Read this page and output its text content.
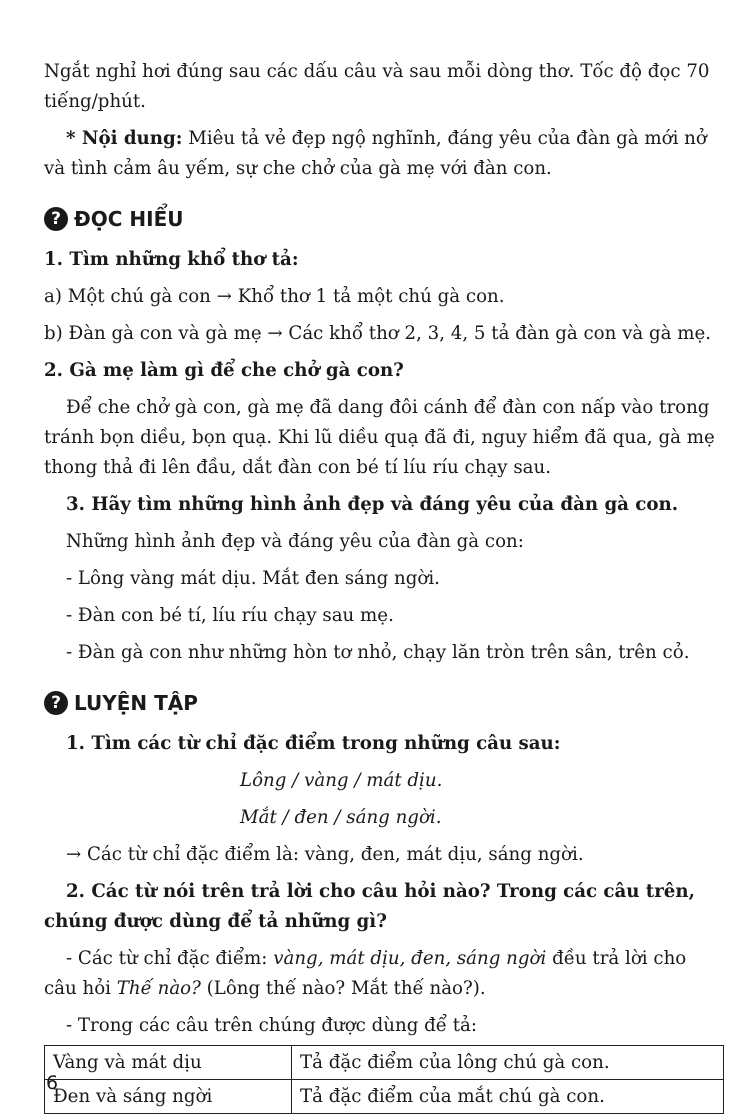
Ngắt nghỉ hơi đúng sau các dấu câu và sau mỗi dòng thơ. Tốc độ đọc 70 tiếng/phút.

* Nội dung: Miêu tả vẻ đẹp ngộ nghĩnh, đáng yêu của đàn gà mới nở và tình cảm âu yếm, sự che chở của gà mẹ với đàn con.

? ĐỌC HIỂU

1. Tìm những khổ thơ tả:

a) Một chú gà con → Khổ thơ 1 tả một chú gà con.

b) Đàn gà con và gà mẹ → Các khổ thơ 2, 3, 4, 5 tả đàn gà con và gà mẹ.

2. Gà mẹ làm gì để che chở gà con?

Để che chở gà con, gà mẹ đã dang đôi cánh để đàn con nấp vào trong tránh bọn diều, bọn quạ. Khi lũ diều quạ đã đi, nguy hiểm đã qua, gà mẹ thong thả đi lên đầu, dắt đàn con bé tí líu ríu chạy sau.

3. Hãy tìm những hình ảnh đẹp và đáng yêu của đàn gà con.

Những hình ảnh đẹp và đáng yêu của đàn gà con:

- Lông vàng mát dịu. Mắt đen sáng ngời.

- Đàn con bé tí, líu ríu chạy sau mẹ.

- Đàn gà con như những hòn tơ nhỏ, chạy lăn tròn trên sân, trên cỏ.

? LUYỆN TẬP

1. Tìm các từ chỉ đặc điểm trong những câu sau:

Lông / vàng / mát dịu.

Mắt / đen / sáng ngời.

→ Các từ chỉ đặc điểm là: vàng, đen, mát dịu, sáng ngời.

2. Các từ nói trên trả lời cho câu hỏi nào? Trong các câu trên, chúng được dùng để tả những gì?

- Các từ chỉ đặc điểm: vàng, mát dịu, đen, sáng ngời đều trả lời cho câu hỏi Thế nào? (Lông thế nào? Mắt thế nào?).

- Trong các câu trên chúng được dùng để tả:

Vàng và mát dịu	Tả đặc điểm của lông chú gà con.
Đen và sáng ngời	Tả đặc điểm của mắt chú gà con.
6
